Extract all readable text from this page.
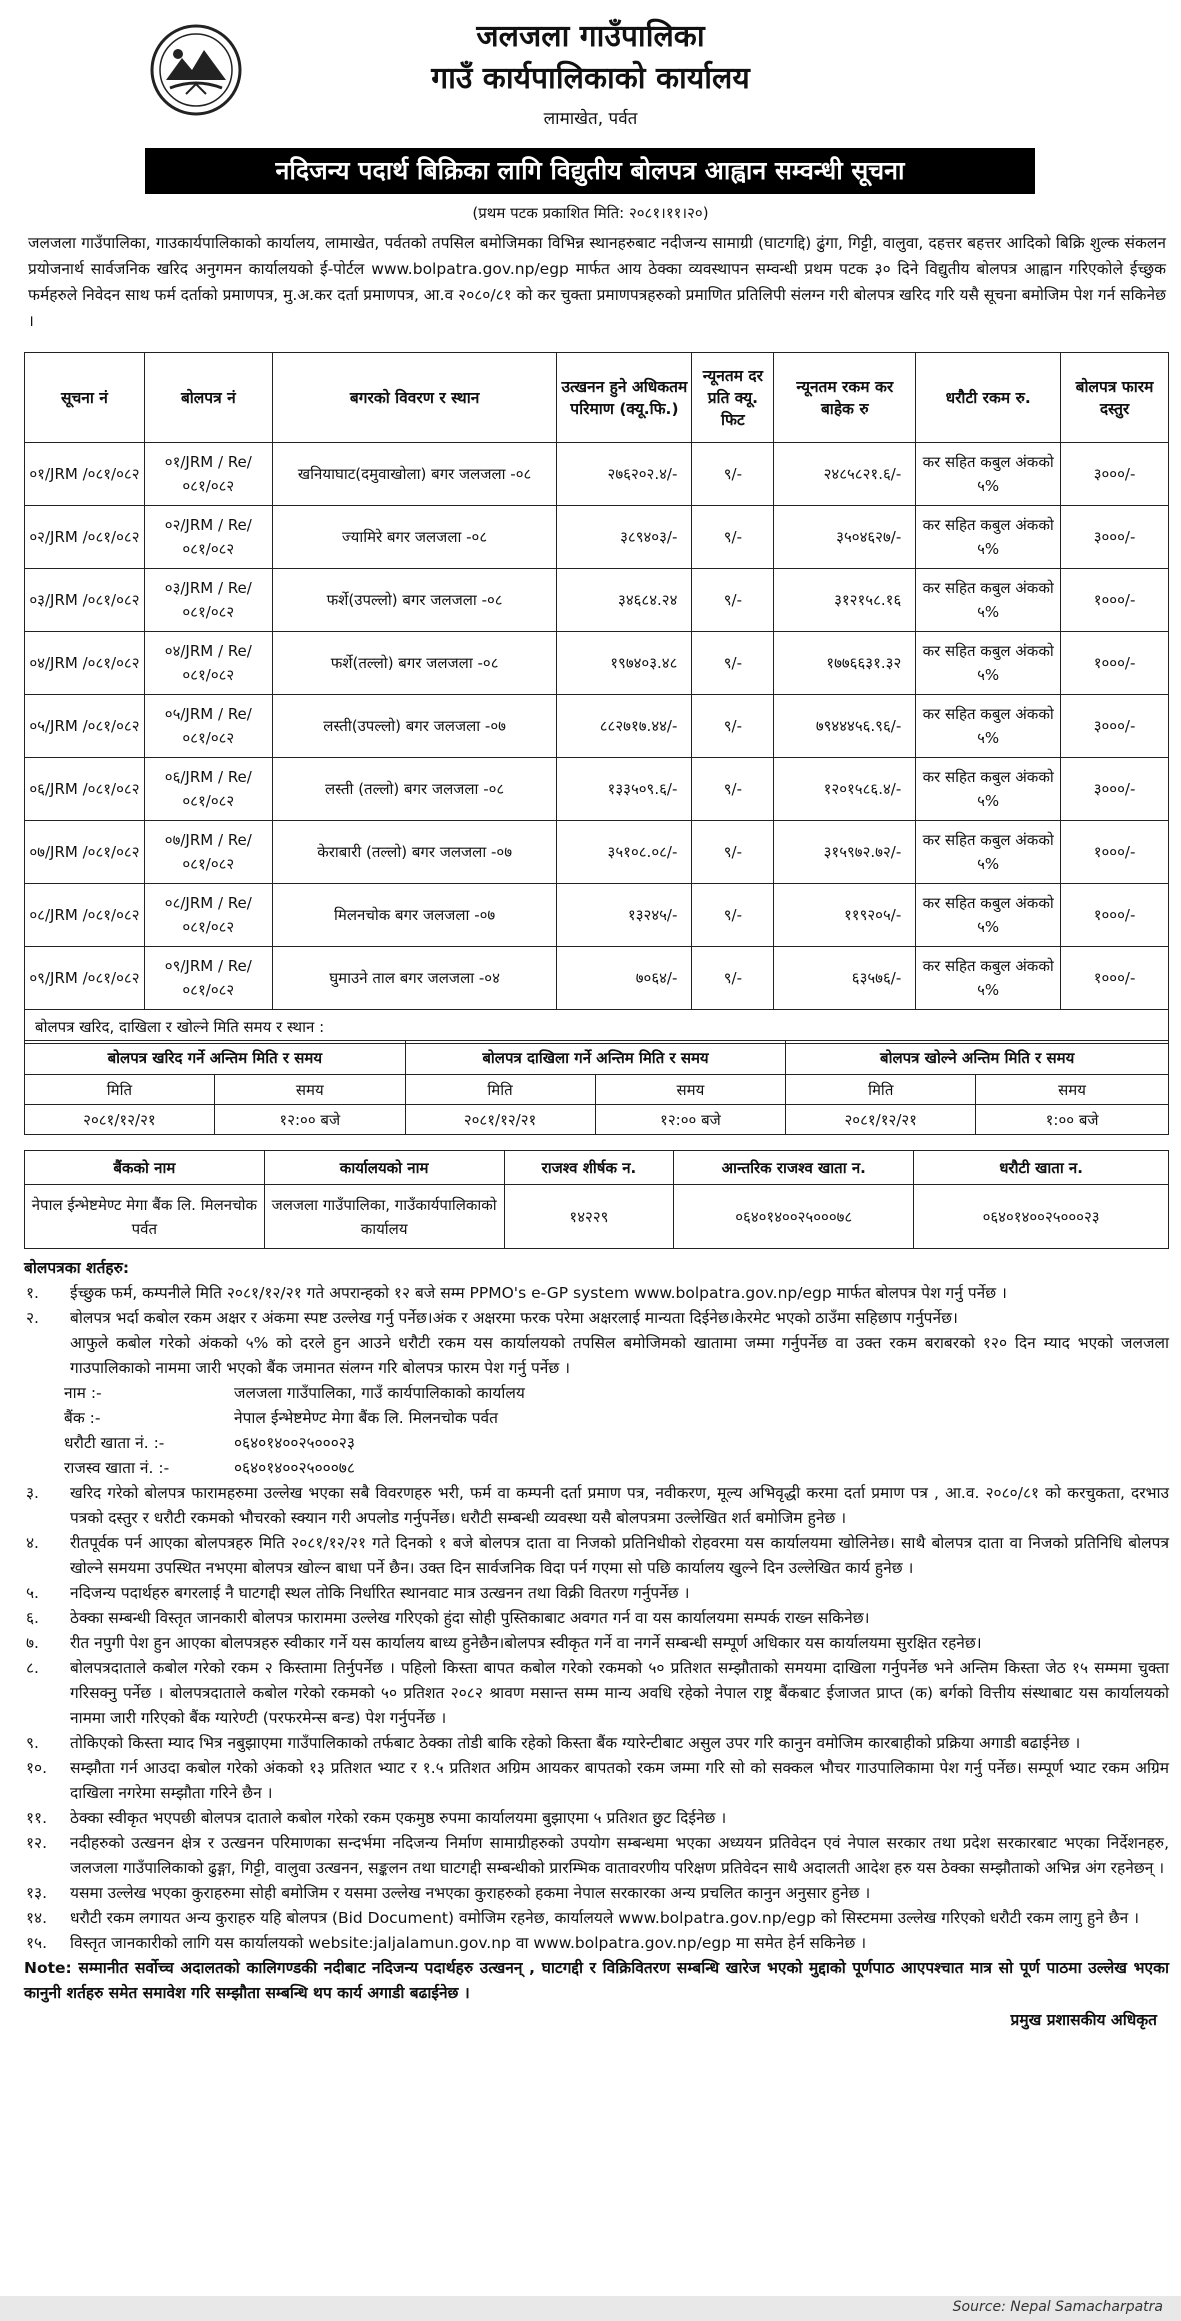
जलजला गाउँपालिका
गाउँ कार्यपालिकाको कार्यालय
लामाखेत, पर्वत
नदिजन्य पदार्थ बिक्रिका लागि विद्युतीय बोलपत्र आह्वान सम्वन्धी सूचना
(प्रथम पटक प्रकाशित मिति: २०८१।११।२०)

जलजला गाउँपालिका, गाउकार्यपालिकाको कार्यालय, लामाखेत, पर्वतको तपसिल बमोजिमका विभिन्न स्थानहरुबाट नदीजन्य सामाग्री (घाटगद्दि) ढुंगा, गिट्टी, वालुवा, दहत्तर बहत्तर आदिको बिक्रि शुल्क संकलन प्रयोजनार्थ सार्वजनिक खरिद अनुगमन कार्यालयको ई-पोर्टल www.bolpatra.gov.np/egp मार्फत आय ठेक्का व्यवस्थापन सम्वन्धी प्रथम पटक ३० दिने विद्युतीय बोलपत्र आह्वान गरिएकोले ईच्छुक फर्महरुले निवेदन साथ फर्म दर्ताको प्रमाणपत्र, मु.अ.कर दर्ता प्रमाणपत्र, आ.व २०८०/८१ को कर चुक्ता प्रमाणपत्रहरुको प्रमाणित प्रतिलिपी संलग्न गरी बोलपत्र खरिद गरि यसै सूचना बमोजिम पेश गर्न सकिनेछ ।

सूचना नं	बोलपत्र नं	बगरको विवरण र स्थान	उत्खनन हुने अधिकतम परिमाण (क्यू.फि.)	न्यूनतम दर प्रति क्यू. फिट	न्यूनतम रकम कर बाहेक रु	धरौटी रकम रु.	बोलपत्र फारम दस्तुर
०१/JRM /०८१/०८२	०१/JRM / Re/०८१/०८२	खनियाघाट(दमुवाखोला) बगर जलजला -०८	२७६२०२.४/-	९/-	२४८५८२१.६/-	कर सहित कबुल अंकको ५%	३०००/-
०२/JRM /०८१/०८२	०२/JRM / Re/०८१/०८२	ज्यामिरे बगर जलजला -०८	३८९४०३/-	९/-	३५०४६२७/-	कर सहित कबुल अंकको ५%	३०००/-
०३/JRM /०८१/०८२	०३/JRM / Re/०८१/०८२	फर्शे(उपल्लो) बगर जलजला -०८	३४६८४.२४	९/-	३१२१५८.१६	कर सहित कबुल अंकको ५%	१०००/-
०४/JRM /०८१/०८२	०४/JRM / Re/०८१/०८२	फर्शे(तल्लो) बगर जलजला -०८	१९७४०३.४८	९/-	१७७६६३१.३२	कर सहित कबुल अंकको ५%	१०००/-
०५/JRM /०८१/०८२	०५/JRM / Re/०८१/०८२	लस्ती(उपल्लो) बगर जलजला -०७	८८२७१७.४४/-	९/-	७९४४४५६.९६/-	कर सहित कबुल अंकको ५%	३०००/-
०६/JRM /०८१/०८२	०६/JRM / Re/०८१/०८२	लस्ती (तल्लो) बगर जलजला -०८	१३३५०९.६/-	९/-	१२०१५८६.४/-	कर सहित कबुल अंकको ५%	३०००/-
०७/JRM /०८१/०८२	०७/JRM / Re/०८१/०८२	केराबारी (तल्लो) बगर जलजला -०७	३५१०८.०८/-	९/-	३१५९७२.७२/-	कर सहित कबुल अंकको ५%	१०००/-
०८/JRM /०८१/०८२	०८/JRM / Re/०८१/०८२	मिलनचोक बगर जलजला -०७	१३२४५/-	९/-	११९२०५/-	कर सहित कबुल अंकको ५%	१०००/-
०९/JRM /०८१/०८२	०९/JRM / Re/०८१/०८२	घुमाउने ताल बगर जलजला -०४	७०६४/-	९/-	६३५७६/-	कर सहित कबुल अंकको ५%	१०००/-
बोलपत्र खरिद, दाखिला र खोल्ने मिति समय र स्थान :							
बोलपत्र खरिद गर्ने अन्तिम मिति र समय		बोलपत्र दाखिला गर्ने अन्तिम मिति र समय		बोलपत्र खोल्ने अन्तिम मिति र समय	
मिति	समय	मिति	समय	मिति	समय
२०८१/१२/२१	१२:०० बजे	२०८१/१२/२१	१२:०० बजे	२०८१/१२/२१	१:०० बजे
बैंकको नाम	कार्यालयको नाम	राजश्व शीर्षक न.	आन्तरिक राजश्व खाता न.	धरौटी खाता न.
नेपाल ईन्भेष्टमेण्ट मेगा बैंक लि. मिलनचोक पर्वत	जलजला गाउँपालिका, गाउँकार्यपालिकाको कार्यालय	१४२२९	०६४०१४००२५०००७८	०६४०१४००२५०००२३
बोलपत्रका शर्तहरु:
१.	ईच्छुक फर्म, कम्पनीले मिति २०८१/१२/२१ गते अपरान्हको १२ बजे सम्म PPMO's e-GP system www.bolpatra.gov.np/egp मार्फत बोलपत्र पेश गर्नु पर्नेछ ।
२.	बोलपत्र भर्दा कबोल रकम अक्षर र अंकमा स्पष्ट उल्लेख गर्नु पर्नेछ।अंक र अक्षरमा फरक परेमा अक्षरलाई मान्यता दिईनेछ।केरमेट भएको ठाउँमा सहिछाप गर्नुपर्नेछ।
आफुले कबोल गरेको अंकको ५% को दरले हुन आउने धरौटी रकम यस कार्यालयको तपसिल बमोजिमको खातामा जम्मा गर्नुपर्नेछ वा उक्त रकम बराबरको १२० दिन म्याद भएको जलजला गाउपालिकाको नाममा जारी भएको बैंक जमानत संलग्न गरि बोलपत्र फारम पेश गर्नु पर्नेछ ।
नाम :-	जलजला गाउँपालिका, गाउँ कार्यपालिकाको कार्यालय
बैंक :-	नेपाल ईन्भेष्टमेण्ट मेगा बैंक लि. मिलनचोक पर्वत
धरौटी खाता नं. :-	०६४०१४००२५०००२३
राजस्व खाता नं. :-	०६४०१४००२५०००७८
३.	खरिद गरेको बोलपत्र फारामहरुमा उल्लेख भएका सबै विवरणहरु भरी, फर्म वा कम्पनी दर्ता प्रमाण पत्र, नवीकरण, मूल्य अभिवृद्धी करमा दर्ता प्रमाण पत्र , आ.व. २०८०/८१ को करचुकता, दरभाउ पत्रको दस्तुर र धरौटी रकमको भौचरको स्क्यान गरी अपलोड गर्नुपर्नेछ। धरौटी सम्बन्धी व्यवस्था यसै बोलपत्रमा उल्लेखित शर्त बमोजिम हुनेछ ।
४.	रीतपूर्वक पर्न आएका बोलपत्रहरु मिति २०८१/१२/२१ गते दिनको १ बजे बोलपत्र दाता वा निजको प्रतिनिधीको रोहवरमा यस कार्यालयमा खोलिनेछ। साथै बोलपत्र दाता वा निजको प्रतिनिधि बोलपत्र खोल्ने समयमा उपस्थित नभएमा बोलपत्र खोल्न बाधा पर्ने छैन। उक्त दिन सार्वजनिक विदा पर्न गएमा सो पछि कार्यालय खुल्ने दिन उल्लेखित कार्य हुनेछ ।
५.	नदिजन्य पदार्थहरु बगरलाई नै घाटगद्दी स्थल तोकि निर्धारित स्थानवाट मात्र उत्खनन तथा विक्री वितरण गर्नुपर्नेछ ।
६.	ठेक्का सम्बन्धी विस्तृत जानकारी बोलपत्र फाराममा उल्लेख गरिएको हुंदा सोही पुस्तिकाबाट अवगत गर्न वा यस कार्यालयमा सम्पर्क राख्न सकिनेछ।
७.	रीत नपुगी पेश हुन आएका बोलपत्रहरु स्वीकार गर्ने यस कार्यालय बाध्य हुनेछैन।बोलपत्र स्वीकृत गर्ने वा नगर्ने सम्बन्धी सम्पूर्ण अधिकार यस कार्यालयमा सुरक्षित रहनेछ।
८.	बोलपत्रदाताले कबोल गरेको रकम २ किस्तामा तिर्नुपर्नेछ । पहिलो किस्ता बापत कबोल गरेको रकमको ५० प्रतिशत सम्झौताको समयमा दाखिला गर्नुपर्नेछ भने अन्तिम किस्ता जेठ १५ सम्ममा चुक्ता गरिसक्नु पर्नेछ । बोलपत्रदाताले कबोल गरेको रकमको ५० प्रतिशत २०८२ श्रावण मसान्त सम्म मान्य अवधि रहेको नेपाल राष्ट्र बैंकबाट ईजाजत प्राप्त (क) बर्गको वित्तीय संस्थाबाट यस कार्यालयको नाममा जारी गरिएको बैंक ग्यारेण्टी (परफरमेन्स बन्ड) पेश गर्नुपर्नेछ ।
९.	तोकिएको किस्ता म्याद भित्र नबुझाएमा गाउँपालिकाको तर्फबाट ठेक्का तोडी बाकि रहेको किस्ता बैंक ग्यारेन्टीबाट असुल उपर गरि कानुन वमोजिम कारबाहीको प्रक्रिया अगाडी बढाईनेछ ।
१०.	सम्झौता गर्न आउदा कबोल गरेको अंकको १३ प्रतिशत भ्याट र १.५ प्रतिशत अग्रिम आयकर बापतको रकम जम्मा गरि सो को सक्कल भौचर गाउपालिकामा पेश गर्नु पर्नेछ। सम्पूर्ण भ्याट रकम अग्रिम दाखिला नगरेमा सम्झौता गरिने छैन ।
११.	ठेक्का स्वीकृत भएपछी बोलपत्र दाताले कबोल गरेको रकम एकमुष्ठ रुपमा कार्यालयमा बुझाएमा ५ प्रतिशत छुट दिईनेछ ।
१२.	नदीहरुको उत्खनन क्षेत्र र उत्खनन परिमाणका सन्दर्भमा नदिजन्य निर्माण सामाग्रीहरुको उपयोग सम्बन्धमा भएका अध्ययन प्रतिवेदन एवं नेपाल सरकार तथा प्रदेश सरकारबाट भएका निर्देशनहरु, जलजला गाउँपालिकाको ढुङ्गा, गिट्टी, वालुवा उत्खनन, सङ्कलन तथा घाटगद्दी सम्बन्धीको प्रारम्भिक वातावरणीय परिक्षण प्रतिवेदन साथै अदालती आदेश हरु यस ठेक्का सम्झौताको अभिन्न अंग रहनेछन् ।
१३.	यसमा उल्लेख भएका कुराहरुमा सोही बमोजिम र यसमा उल्लेख नभएका कुराहरुको हकमा नेपाल सरकारका अन्य प्रचलित कानुन अनुसार हुनेछ ।
१४.	धरौटी रकम लगायत अन्य कुराहरु यहि बोलपत्र (Bid Document) वमोजिम रहनेछ, कार्यालयले www.bolpatra.gov.np/egp को सिस्टममा उल्लेख गरिएको धरौटी रकम लागु हुने छैन ।
१५.	विस्तृत जानकारीको लागि यस कार्यालयको website:jaljalamun.gov.np वा www.bolpatra.gov.np/egp मा समेत हेर्न सकिनेछ ।
Note: सम्मानीत सर्वोच्च अदालतको कालिगण्डकी नदीबाट नदिजन्य पदार्थहरु उत्खनन् , घाटगद्दी र विक्रिवितरण सम्बन्धि खारेज भएको मुद्दाको पूर्णपाठ आएपश्चात मात्र सो पूर्ण पाठमा उल्लेख भएका कानुनी शर्तहरु समेत समावेश गरि सम्झौता सम्बन्धि थप कार्य अगाडी बढाईनेछ ।
प्रमुख प्रशासकीय अधिकृत
Source: Nepal Samacharpatra
